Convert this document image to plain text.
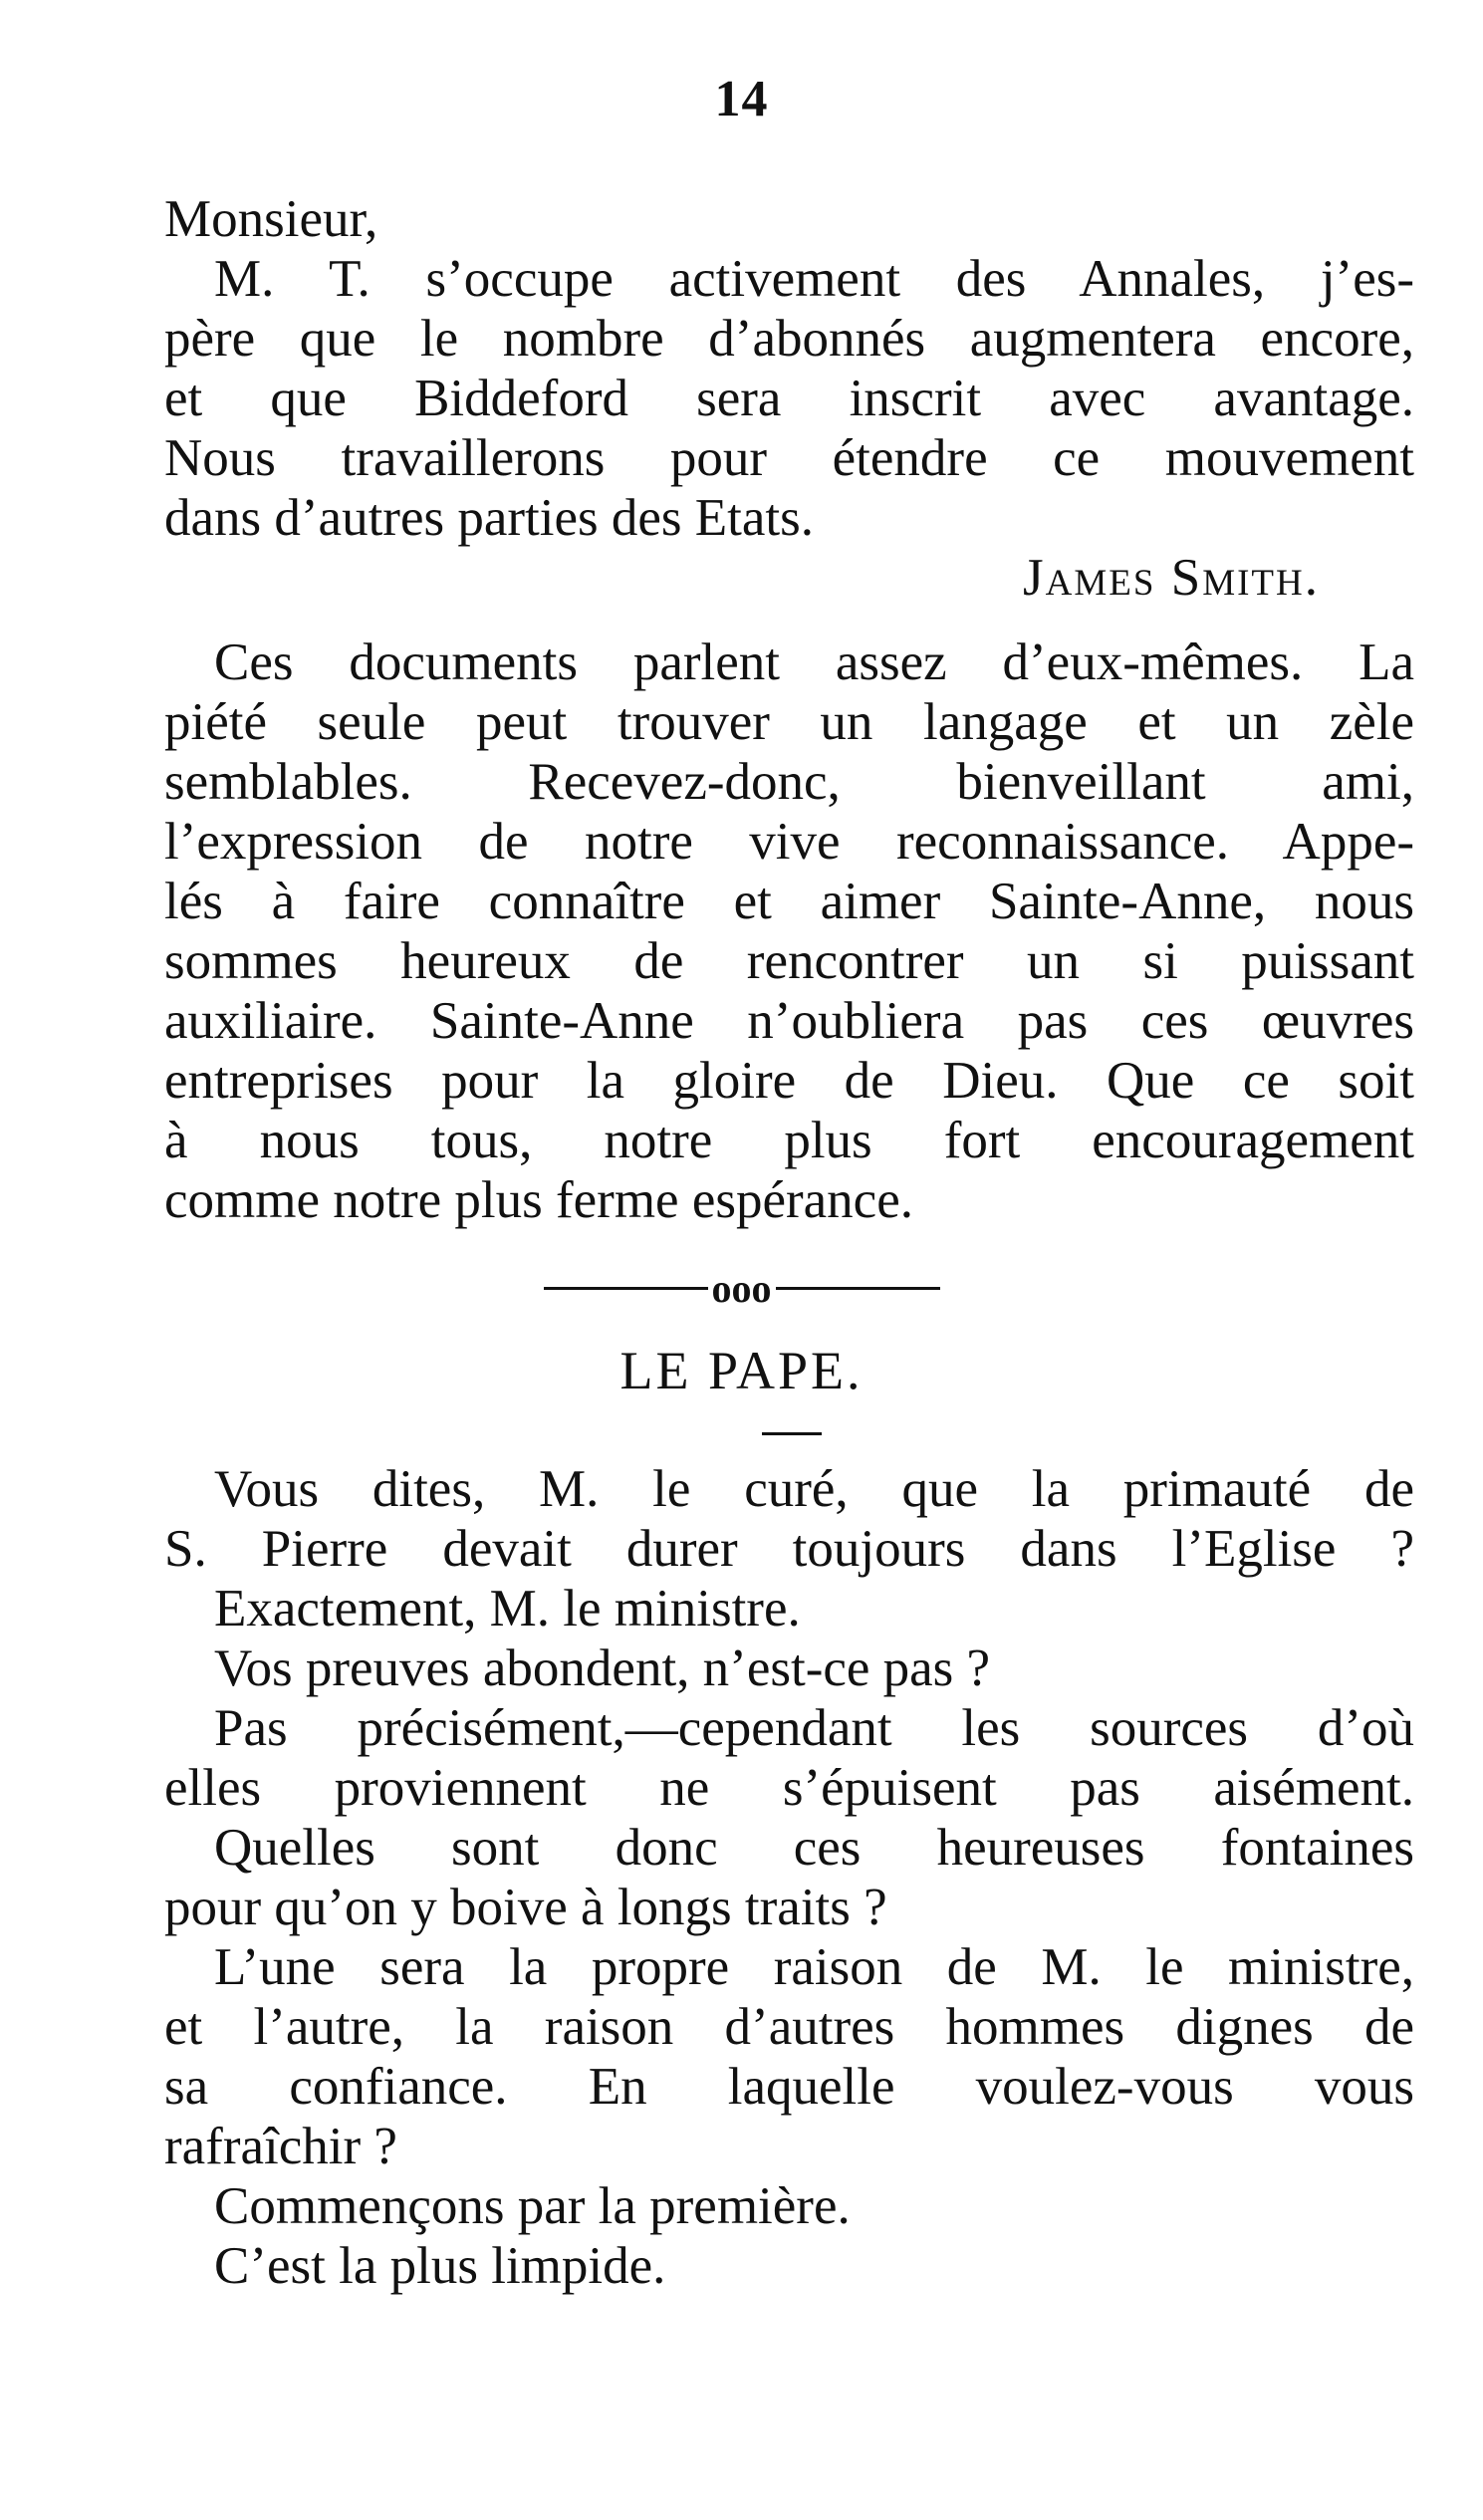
14
Monsieur,
M. T. s’occupe activement des Annales, j’es-
père que le nombre d’abonnés augmentera encore,
et que Biddeford sera inscrit avec avantage.
Nous travaillerons pour étendre ce mouvement
dans d’autres parties des Etats.
James Smith.
Ces documents parlent assez d’eux-mêmes. La
piété seule peut trouver un langage et un zèle
semblables. Recevez-donc, bienveillant ami,
l’expression de notre vive reconnaissance. Appe-
lés à faire connaître et aimer Sainte-Anne, nous
sommes heureux de rencontrer un si puissant
auxiliaire. Sainte-Anne n’oubliera pas ces œuvres
entreprises pour la gloire de Dieu. Que ce soit
à nous tous, notre plus fort encouragement
comme notre plus ferme espérance.
ooo
LE PAPE.
Vous dites, M. le curé, que la primauté de
S. Pierre devait durer toujours dans l’Eglise ?
Exactement, M. le ministre.
Vos preuves abondent, n’est-ce pas ?
Pas précisément,—cependant les sources d’où
elles proviennent ne s’épuisent pas aisément.
Quelles sont donc ces heureuses fontaines
pour qu’on y boive à longs traits ?
L’une sera la propre raison de M. le ministre,
et l’autre, la raison d’autres hommes dignes de
sa confiance. En laquelle voulez-vous vous
rafraîchir ?
Commençons par la première.
C’est la plus limpide.
